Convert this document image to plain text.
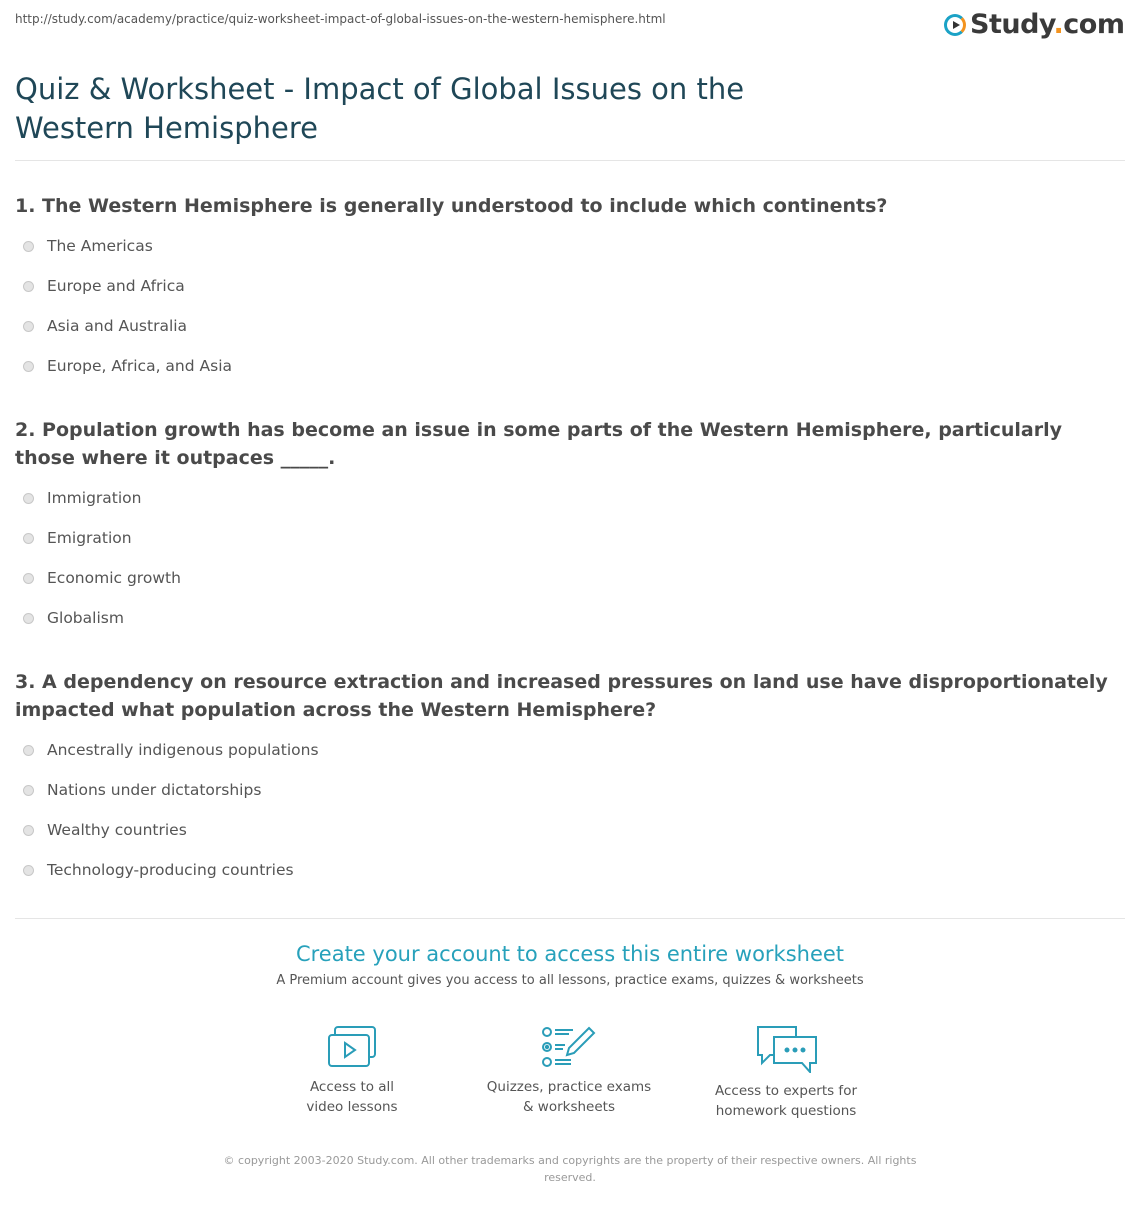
http://study.com/academy/practice/quiz-worksheet-impact-of-global-issues-on-the-western-hemisphere.html	Study.com
Quiz & Worksheet - Impact of Global Issues on the Western Hemisphere
1. The Western Hemisphere is generally understood to include which continents?
The Americas
Europe and Africa
Asia and Australia
Europe, Africa, and Asia
2. Population growth has become an issue in some parts of the Western Hemisphere, particularly those where it outpaces _____.
Immigration
Emigration
Economic growth
Globalism
3. A dependency on resource extraction and increased pressures on land use have disproportionately impacted what population across the Western Hemisphere?
Ancestrally indigenous populations
Nations under dictatorships
Wealthy countries
Technology-producing countries
Create your account to access this entire worksheet
A Premium account gives you access to all lessons, practice exams, quizzes & worksheets
Access to all
video lessons
Quizzes, practice exams
& worksheets
Access to experts for
homework questions
© copyright 2003-2020 Study.com. All other trademarks and copyrights are the property of their respective owners. All rights reserved.
